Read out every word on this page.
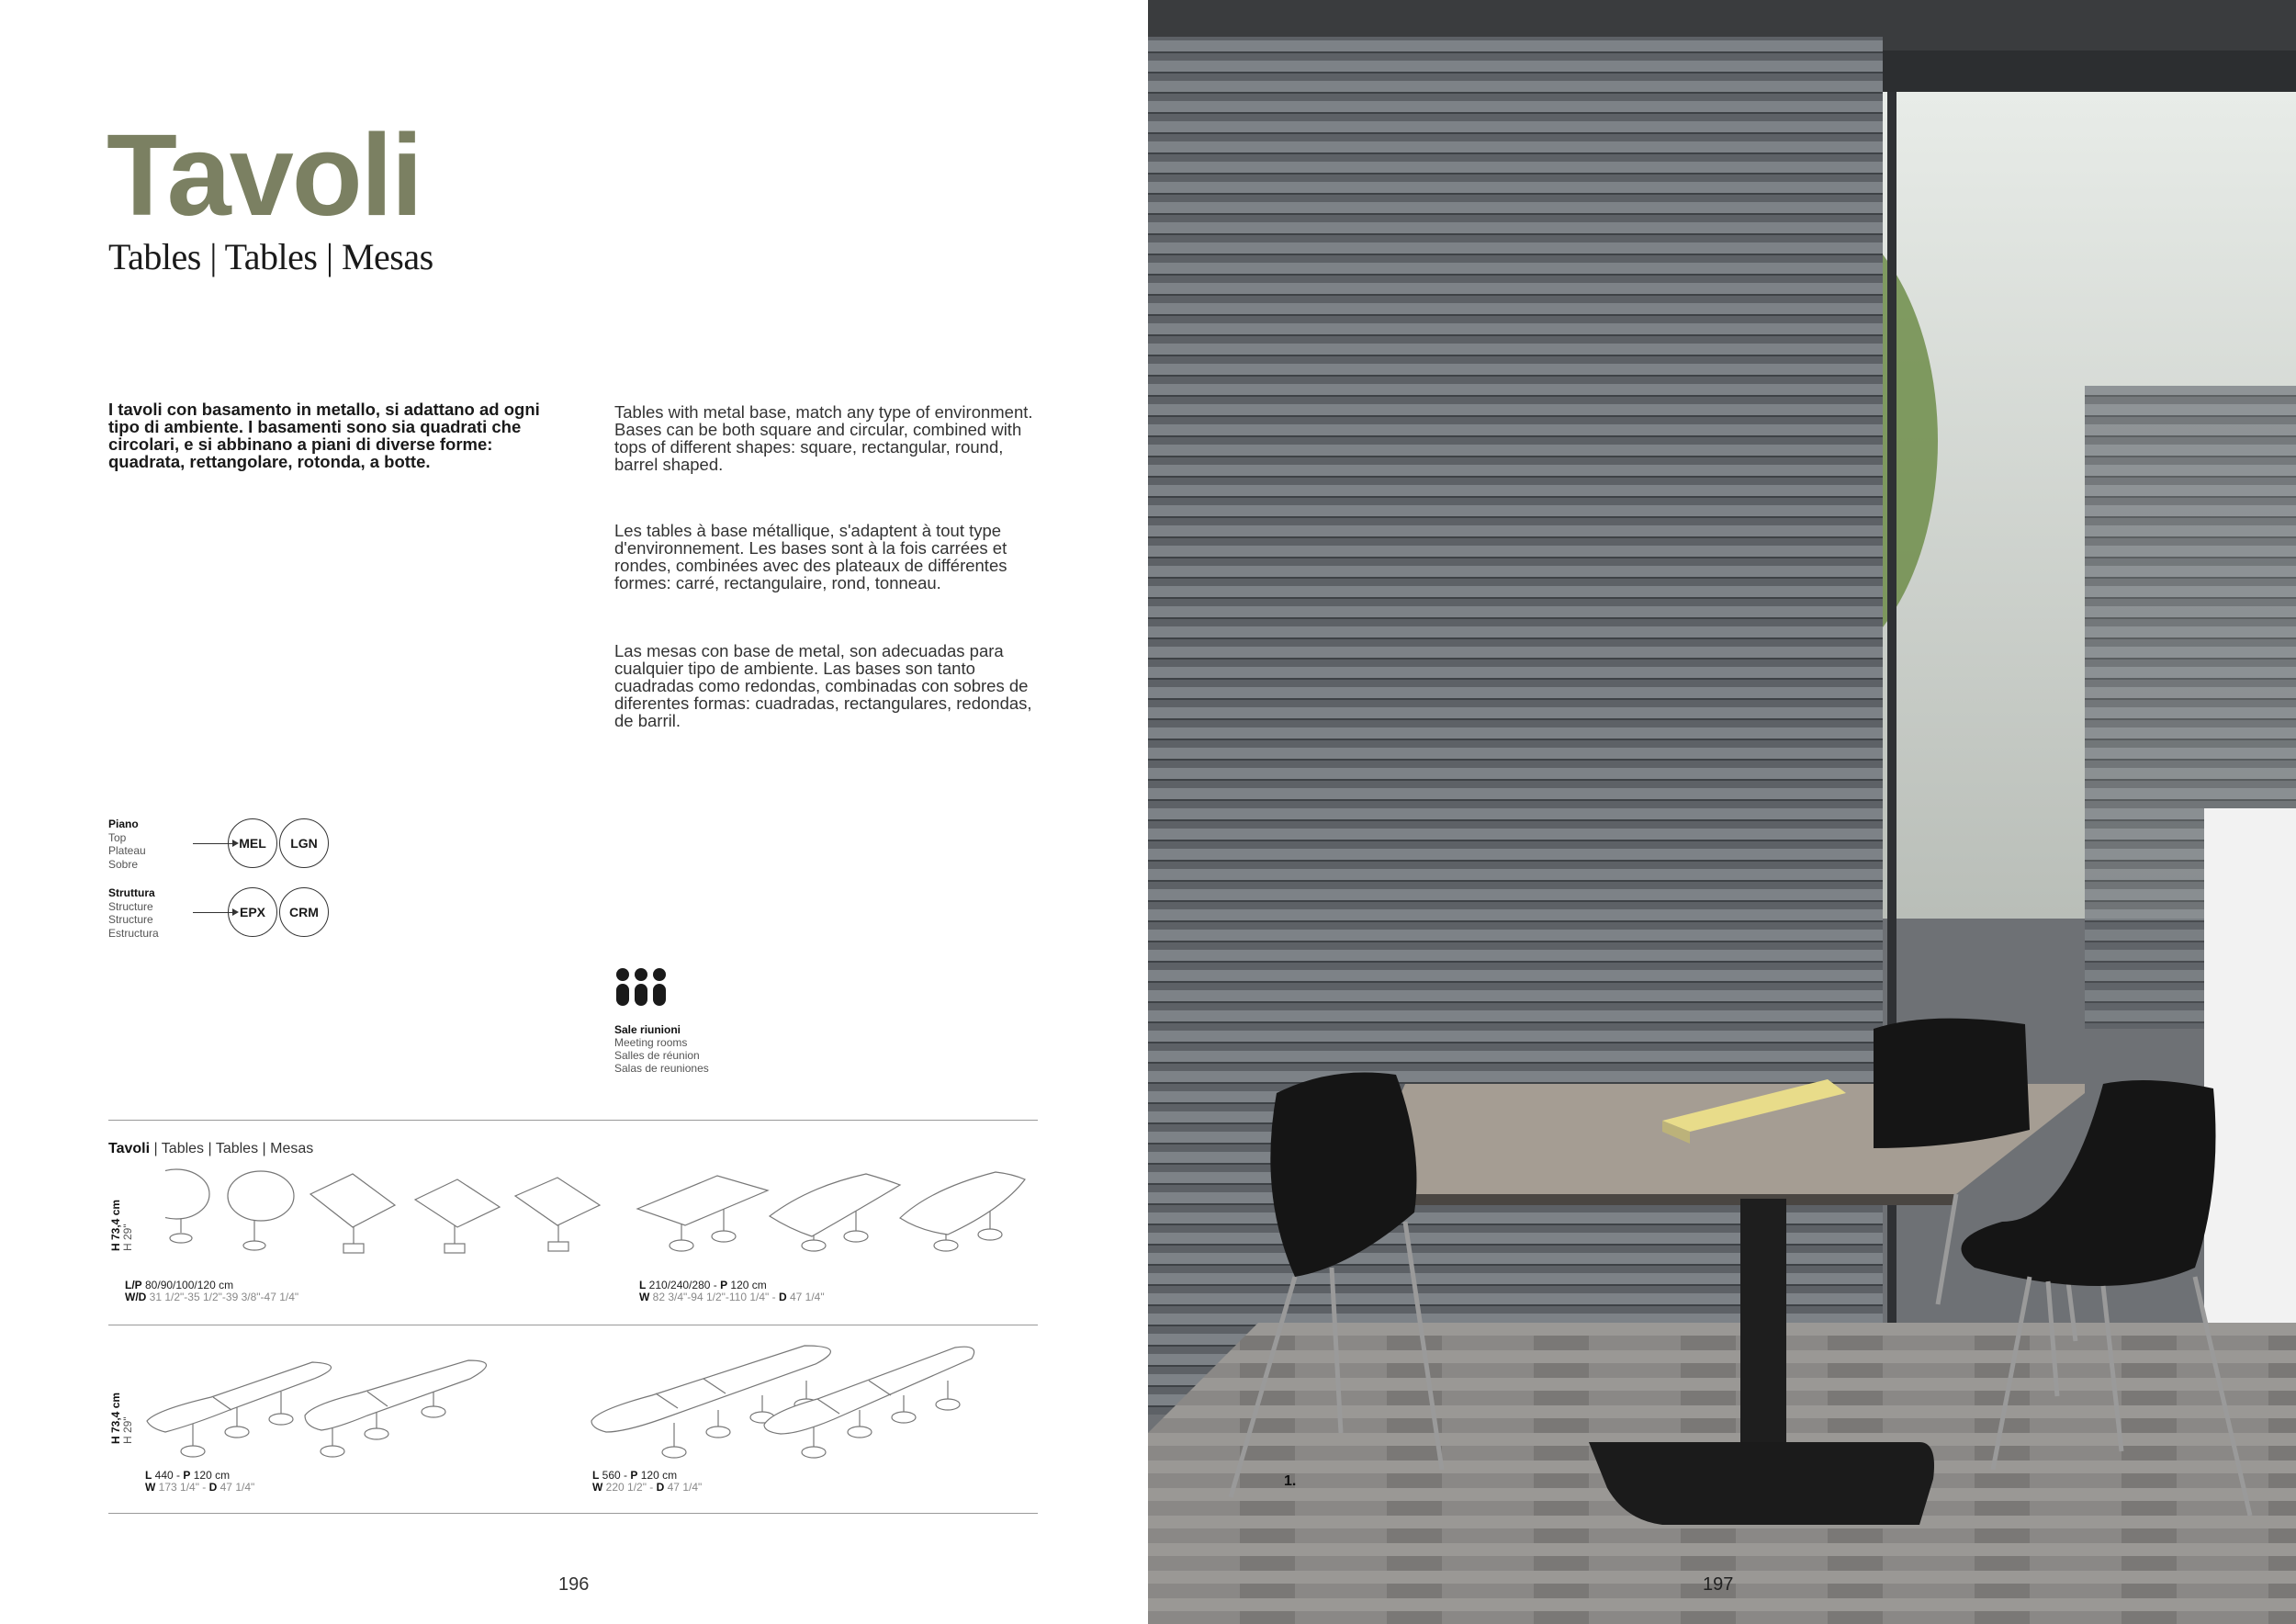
Tavoli
Tables | Tables | Mesas
I tavoli con basamento in metallo, si adattano ad ogni tipo di ambiente. I basamenti sono sia quadrati che circolari, e si abbinano a piani di diverse forme: quadrata, rettangolare, rotonda, a botte.
Tables with metal base, match any type of environment. Bases can be both square and circular, combined with tops of different shapes: square, rectangular, round, barrel shaped.
Les tables à base métallique, s'adaptent à tout type d'environnement. Les bases sont à la fois carrées et rondes, combinées avec des plateaux de différentes formes: carré, rectangulaire, rond, tonneau.
Las mesas con base de metal, son adecuadas para cualquier tipo de ambiente. Las bases son tanto cuadradas como redondas, combinadas con sobres de diferentes formas: cuadradas, rectangulares, redondas, de barril.
Piano
Top
Plateau
Sobre
MEL	LGN
Struttura
Structure
Structure
Estructura
EPX	CRM
Sale riunioni
Meeting rooms
Salles de réunion
Salas de reuniones
Tavoli | Tables | Tables | Mesas
H 73,4 cm
H 29"
L/P 80/90/100/120 cm
W/D 31 1/2"-35 1/2"-39 3/8"-47 1/4"
L 210/240/280 - P 120 cm
W 82 3/4"-94 1/2"-110 1/4" - D 47 1/4"
H 73,4 cm
H 29"
L 440 - P 120 cm
W 173 1/4" - D 47 1/4"
L 560 - P 120 cm
W 220 1/2" - D 47 1/4"
196
1.
197
